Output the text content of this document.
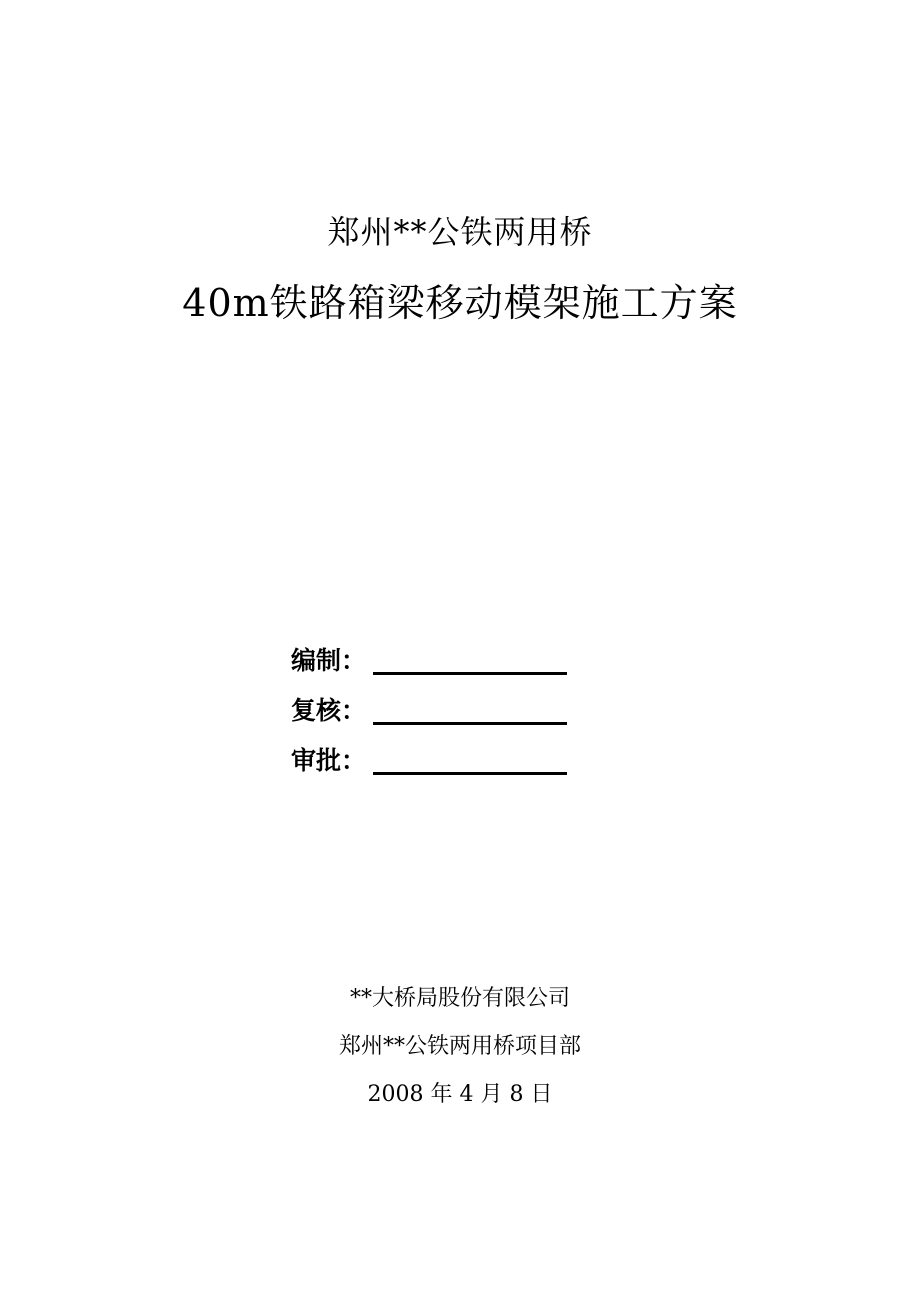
郑州**公铁两用桥
40m铁路箱梁移动模架施工方案
编制：
复核：
审批：
**大桥局股份有限公司
郑州**公铁两用桥项目部
2008 年 4 月 8 日
